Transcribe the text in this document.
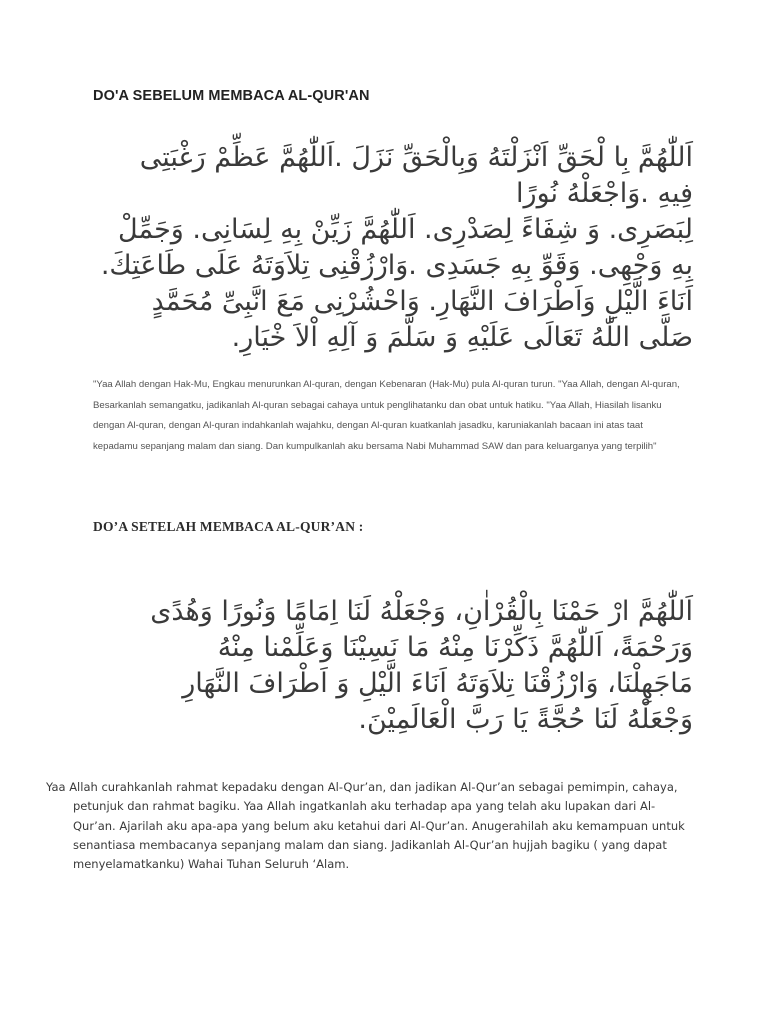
DO'A SEBELUM MEMBACA AL-QUR'AN
اَللّٰهُمَّ بِا لْحَقِّ اَنْزَلْتَهُ وَبِالْحَقِّ نَزَلَ .اَللّٰهُمَّ عَظِّمْ رَغْبَتِى
فِيهِ .وَاجْعَلْهُ نُورًا
لِبَصَرِى. وَ شِفَاءً لِصَدْرِى. اَللّٰهُمَّ زَيِّنْ بِهِ لِسَانِى. وَجَمِّلْ
بِهِ وَجْهِى. وَقَوِّ بِهِ جَسَدِى .وَارْزُقْنِى تِلاَوَتَهُ عَلَى طَاعَتِكَ.
اَنَاءَ الَّيْلِ وَاَطْرَافَ النَّهَارِ. وَاحْشُرْنِى مَعَ انَّبِىِّ مُحَمَّدٍ
صَلَّى اللّٰهُ تَعَالَى عَلَيْهِ وَ سَلَّمَ وَ آلِهِ اْلاَ خْيَارِ.
"Yaa Allah dengan Hak-Mu, Engkau menurunkan Al-quran, dengan Kebenaran (Hak-Mu) pula Al-quran turun. "Yaa Allah, dengan Al-quran, Besarkanlah semangatku, jadikanlah Al-quran sebagai cahaya untuk penglihatanku dan obat untuk hatiku. "Yaa Allah, Hiasilah lisanku dengan Al-quran, dengan Al-quran indahkanlah wajahku, dengan Al-quran kuatkanlah jasadku, karuniakanlah bacaan ini atas taat kepadamu sepanjang malam dan siang. Dan kumpulkanlah aku bersama Nabi Muhammad SAW dan para keluarganya yang terpilih"
DO’A SETELAH MEMBACA AL-QUR’AN :
اَللّٰهُمَّ ارْ حَمْنَا بِالْقُرْاٰنِ، وَجْعَلْهُ لَنَا اِمَامًا وَنُورًا وَهُدًى
وَرَحْمَةً، اَللّٰهُمَّ ذَكِّرْنَا مِنْهُ مَا نَسِيْنَا وَعَلِّمْنا مِنْهُ
مَاجَهِلْنَا، وَارْزُقْنَا تِلاَوَتَهُ اَنَاءَ الَّيْلِ وَ اَطْرَافَ النَّهَارِ
وَجْعَلْهُ لَنَا حُجَّةً يَا رَبَّ الْعَالَمِيْنَ.
Yaa Allah curahkanlah rahmat kepadaku dengan Al-Qur’an, dan jadikan Al-Qur’an sebagai pemimpin, cahaya,
petunjuk dan rahmat bagiku. Yaa Allah ingatkanlah aku terhadap apa yang telah aku lupakan dari Al-Qur’an. Ajarilah aku apa-apa yang belum aku ketahui dari Al-Qur’an. Anugerahilah aku kemampuan untuk senantiasa membacanya sepanjang malam dan siang. Jadikanlah Al-Qur’an hujjah bagiku ( yang dapat menyelamatkanku) Wahai Tuhan Seluruh ‘Alam.
